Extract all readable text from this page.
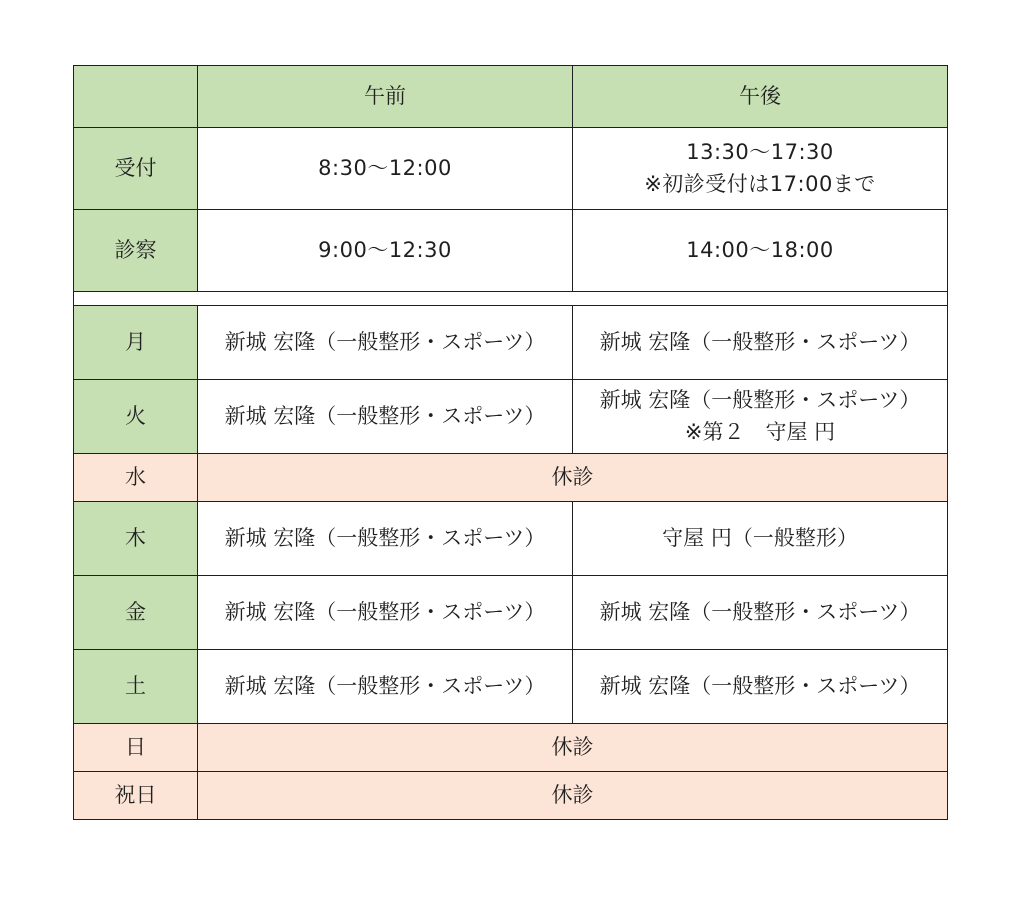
	午前	午後
受付	8:30～12:00	13:30～17:30
※初診受付は17:00まで

診察	9:00～12:30	14:00～18:00

月	新城 宏隆（一般整形・スポーツ）	新城 宏隆（一般整形・スポーツ）
火	新城 宏隆（一般整形・スポーツ）	新城 宏隆（一般整形・スポーツ）
※第２　守屋 円

水	休診	
木	新城 宏隆（一般整形・スポーツ）	守屋 円（一般整形）
金	新城 宏隆（一般整形・スポーツ）	新城 宏隆（一般整形・スポーツ）
土	新城 宏隆（一般整形・スポーツ）	新城 宏隆（一般整形・スポーツ）
日	休診	
祝日	休診	
